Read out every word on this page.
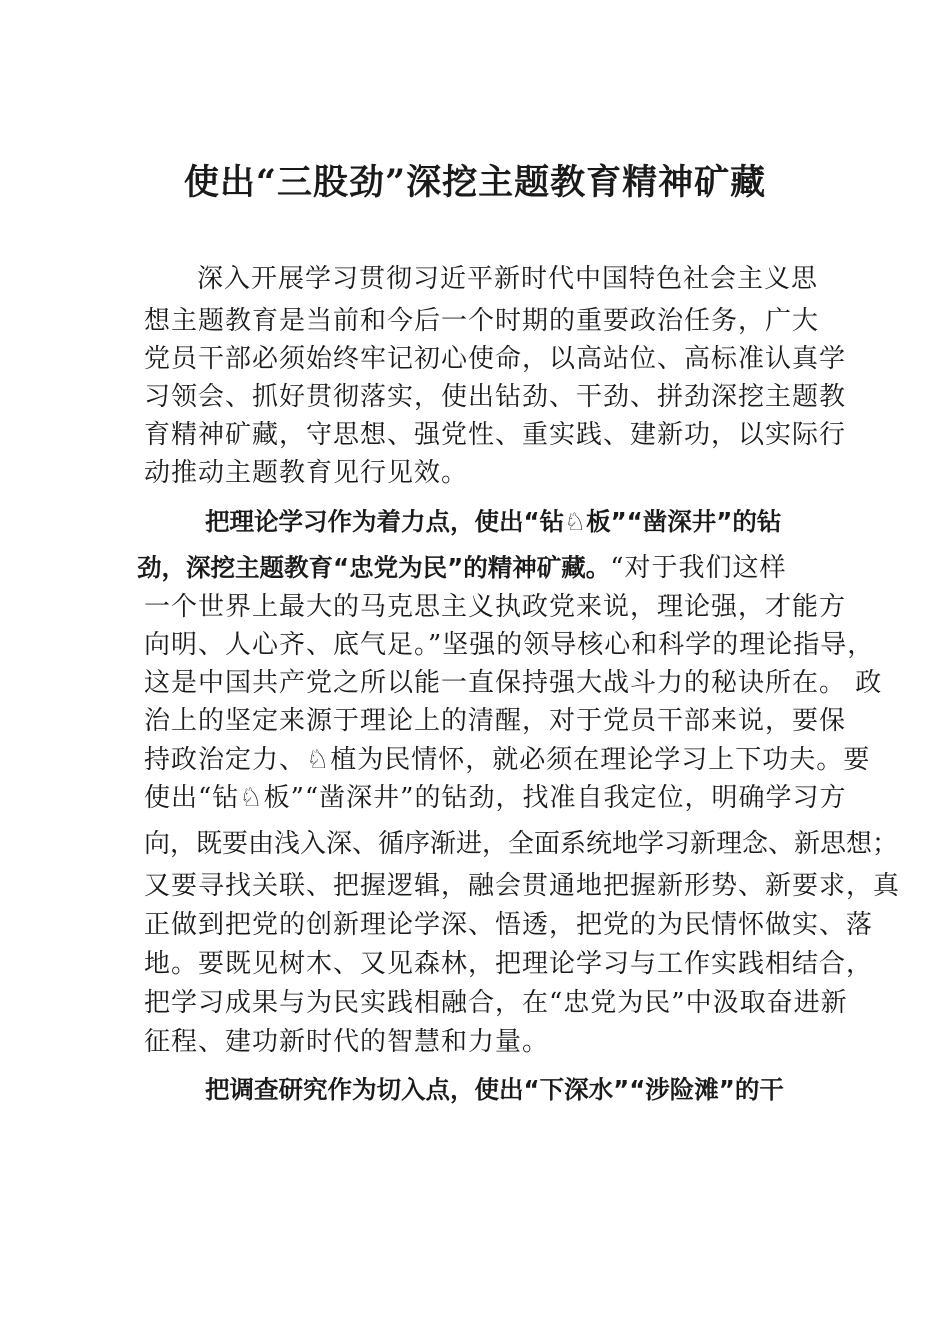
使出“三股劲”深挖主题教育精神矿藏
深入开展学习贯彻习近平新时代中国特色社会主义思
想主题教育是当前和今后一个时期的重要政治任务，广大
党员干部必须始终牢记初心使命，以高站位、高标准认真学
习领会、抓好贯彻落实，使出钻劲、干劲、拼劲深挖主题教
育精神矿藏，守思想、强党性、重实践、建新功，以实际行
动推动主题教育见行见效。
把理论学习作为着力点，使出“钻♘板”“凿深井”的钻
劲，深挖主题教育“忠党为民”的精神矿藏。“对于我们这样
一个世界上最大的马克思主义执政党来说，理论强，才能方
向明、人心齐、底气足。”坚强的领导核心和科学的理论指导，
这是中国共产党之所以能一直保持强大战斗力的秘诀所在。 政
治上的坚定来源于理论上的清醒，对于党员干部来说，要保
持政治定力、♘植为民情怀，就必须在理论学习上下功夫。要
使出“钻♘板”“凿深井”的钻劲，找准自我定位，明确学习方
向，既要由浅入深、循序渐进，全面系统地学习新理念、新思想；
又要寻找关联、把握逻辑，融会贯通地把握新形势、新要求，真
正做到把党的创新理论学深、悟透，把党的为民情怀做实、落
地。要既见树木、又见森林，把理论学习与工作实践相结合，
把学习成果与为民实践相融合，在“忠党为民”中汲取奋进新
征程、建功新时代的智慧和力量。
把调查研究作为切入点，使出“下深水”“涉险滩”的干
